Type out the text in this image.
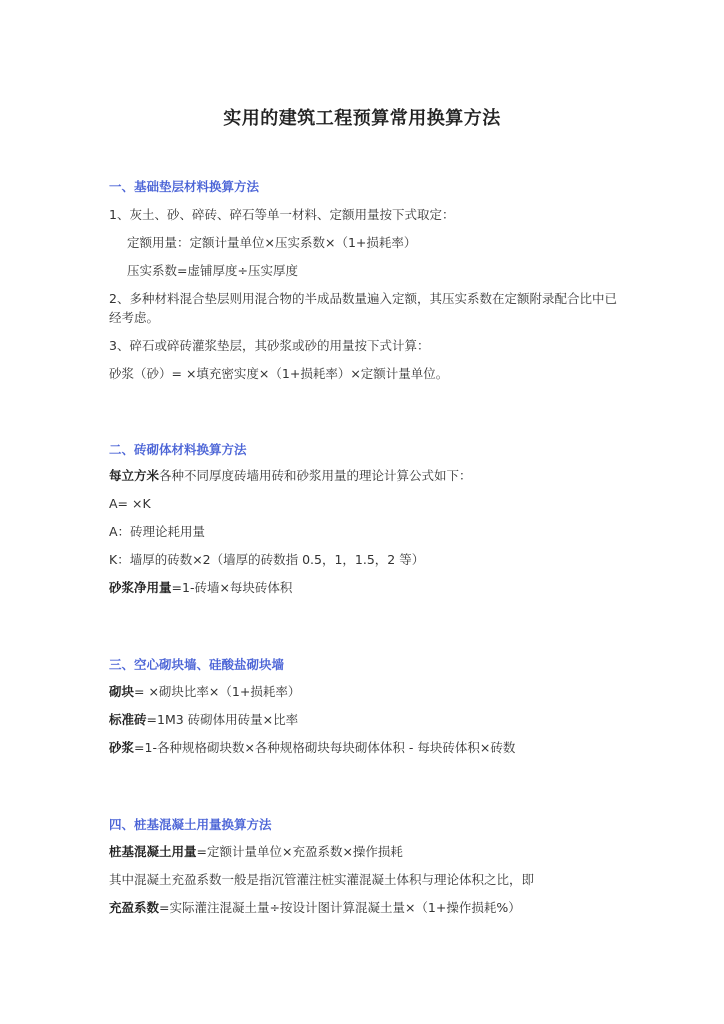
实用的建筑工程预算常用换算方法
一、基础垫层材料换算方法
1、灰土、砂、碎砖、碎石等单一材料、定额用量按下式取定：
定额用量：定额计量单位×压实系数×（1+损耗率）
压实系数=虚铺厚度÷压实厚度
2、多种材料混合垫层则用混合物的半成品数量遍入定额，其压实系数在定额附录配合比中已经考虑。
3、碎石或碎砖灌浆垫层，其砂浆或砂的用量按下式计算：
砂浆（砂）= ×填充密实度×（1+损耗率）×定额计量单位。
二、砖砌体材料换算方法
每立方米各种不同厚度砖墙用砖和砂浆用量的理论计算公式如下：
A= ×K
A：砖理论耗用量
K：墙厚的砖数×2（墙厚的砖数指 0.5，1，1.5，2 等）
砂浆净用量=1-砖墙×每块砖体积
三、空心砌块墙、硅酸盐砌块墙
砌块= ×砌块比率×（1+损耗率）
标准砖=1M3 砖砌体用砖量×比率
砂浆=1-各种规格砌块数×各种规格砌块每块砌体体积 - 每块砖体积×砖数
四、桩基混凝土用量换算方法
桩基混凝土用量=定额计量单位×充盈系数×操作损耗
其中混凝土充盈系数一般是指沉管灌注桩实灌混凝土体积与理论体积之比，即
充盈系数=实际灌注混凝土量÷按设计图计算混凝土量×（1+操作损耗%）
